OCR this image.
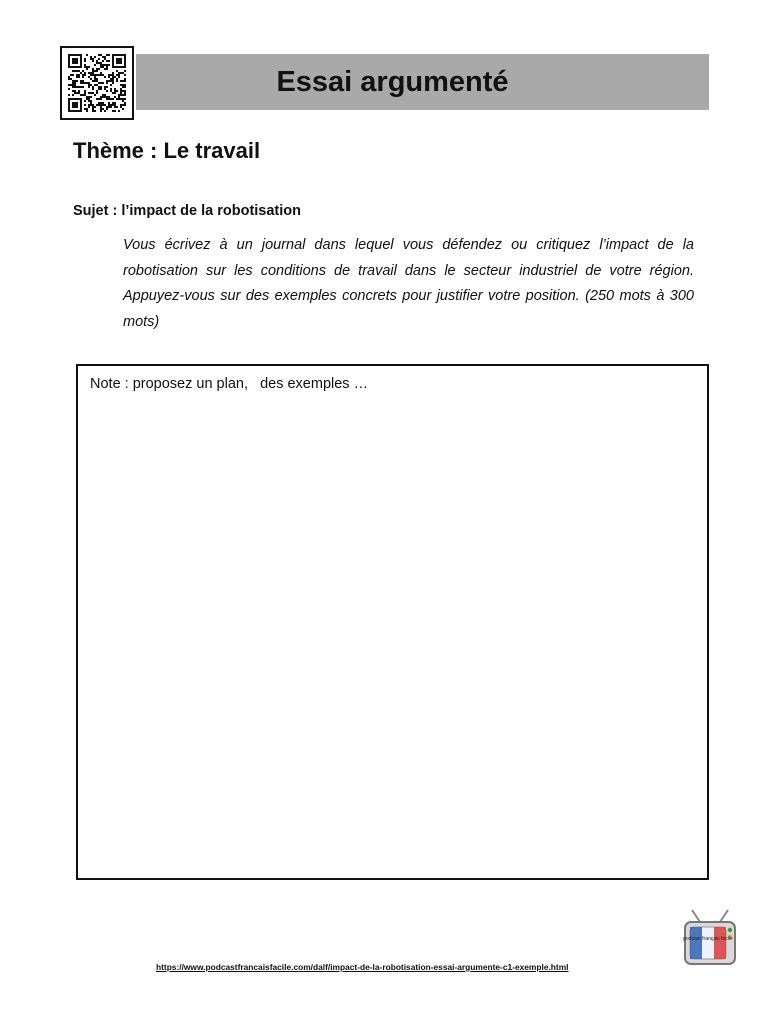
Essai argumenté
Thème : Le travail
Sujet : l’impact de la robotisation

Vous écrivez à un journal dans lequel vous défendez ou critiquez l’impact de la robotisation sur les conditions de travail dans le secteur industriel de votre région. Appuyez-vous sur des exemples concrets pour justifier votre position. (250 mots à 300 mots)

Note : proposez un plan,   des exemples …
https://www.podcastfrancaisfacile.com/dalf/impact-de-la-robotisation-essai-argumente-c1-exemple.html
podcast français facile
